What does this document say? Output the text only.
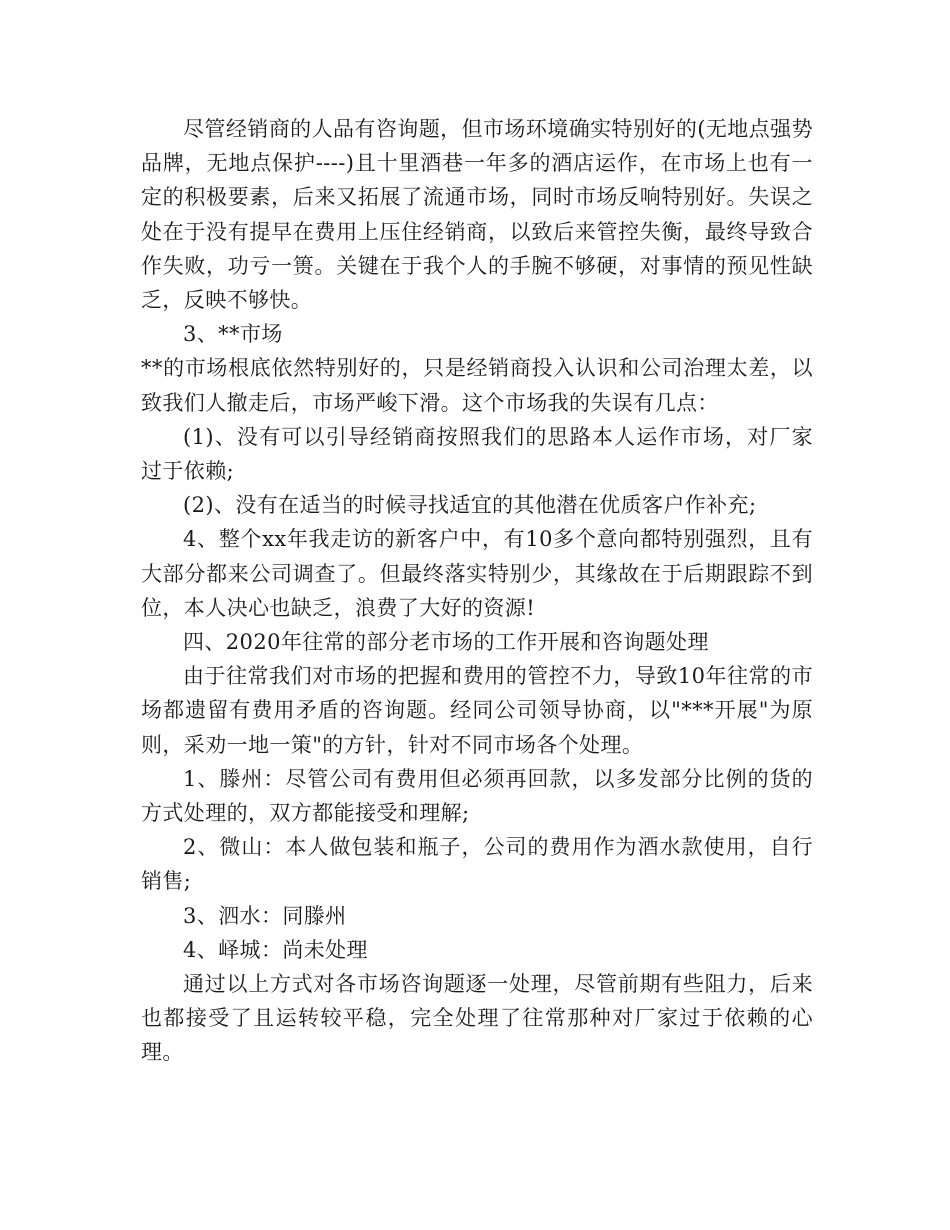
尽管经销商的人品有咨询题，但市场环境确实特别好的(无地点强势品牌，无地点保护----)且十里酒巷一年多的酒店运作，在市场上也有一定的积极要素，后来又拓展了流通市场，同时市场反响特别好。失误之处在于没有提早在费用上压住经销商，以致后来管控失衡，最终导致合作失败，功亏一篑。关键在于我个人的手腕不够硬，对事情的预见性缺乏，反映不够快。

3、**市场

**的市场根底依然特别好的，只是经销商投入认识和公司治理太差，以致我们人撤走后，市场严峻下滑。这个市场我的失误有几点：

(1)、没有可以引导经销商按照我们的思路本人运作市场，对厂家过于依赖;

(2)、没有在适当的时候寻找适宜的其他潜在优质客户作补充;

4、整个xx年我走访的新客户中，有10多个意向都特别强烈，且有大部分都来公司调查了。但最终落实特别少，其缘故在于后期跟踪不到位，本人决心也缺乏，浪费了大好的资源!

四、2020年往常的部分老市场的工作开展和咨询题处理

由于往常我们对市场的把握和费用的管控不力，导致10年往常的市场都遗留有费用矛盾的咨询题。经同公司领导协商，以"***开展"为原则，采劝一地一策"的方针，针对不同市场各个处理。

1、滕州：尽管公司有费用但必须再回款，以多发部分比例的货的方式处理的，双方都能接受和理解;

2、微山：本人做包装和瓶子，公司的费用作为酒水款使用，自行销售;

3、泗水：同滕州

4、峄城：尚未处理

通过以上方式对各市场咨询题逐一处理，尽管前期有些阻力，后来也都接受了且运转较平稳，完全处理了往常那种对厂家过于依赖的心理。
